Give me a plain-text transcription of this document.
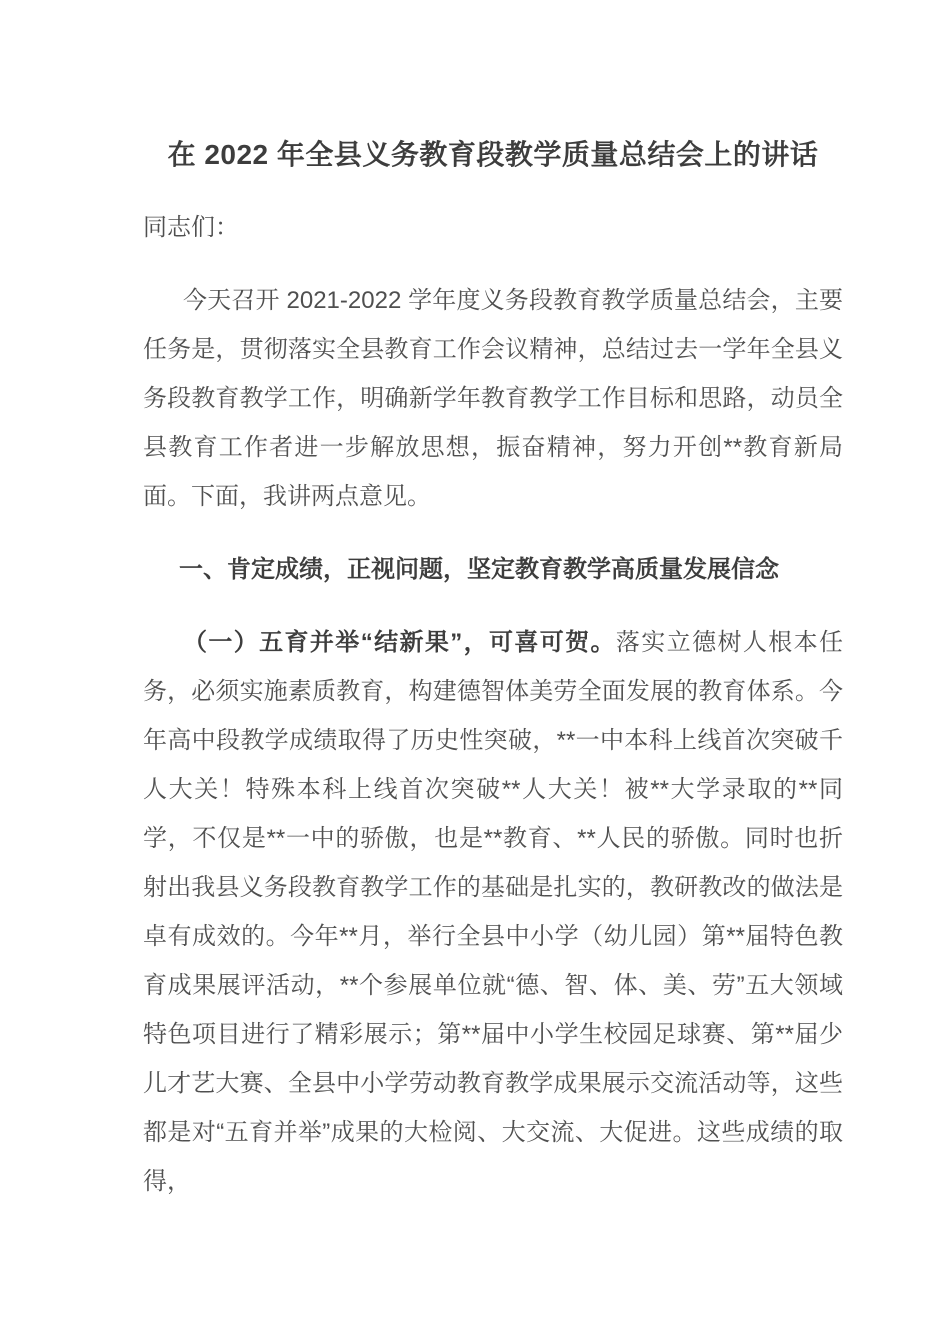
在 2022 年全县义务教育段教学质量总结会上的讲话

同志们：

今天召开 2021-2022 学年度义务段教育教学质量总结会，主要任务是，贯彻落实全县教育工作会议精神，总结过去一学年全县义务段教育教学工作，明确新学年教育教学工作目标和思路，动员全县教育工作者进一步解放思想，振奋精神，努力开创**教育新局面。下面，我讲两点意见。

一、肯定成绩，正视问题，坚定教育教学高质量发展信念

（一）五育并举“结新果”，可喜可贺。落实立德树人根本任务，必须实施素质教育，构建德智体美劳全面发展的教育体系。今年高中段教学成绩取得了历史性突破，**一中本科上线首次突破千人大关！特殊本科上线首次突破**人大关！被**大学录取的**同学，不仅是**一中的骄傲，也是**教育、**人民的骄傲。同时也折射出我县义务段教育教学工作的基础是扎实的，教研教改的做法是卓有成效的。今年**月，举行全县中小学（幼儿园）第**届特色教育成果展评活动，**个参展单位就“德、智、体、美、劳”五大领域特色项目进行了精彩展示；第**届中小学生校园足球赛、第**届少儿才艺大赛、全县中小学劳动教育教学成果展示交流活动等，这些都是对“五育并举”成果的大检阅、大交流、大促进。这些成绩的取得，
